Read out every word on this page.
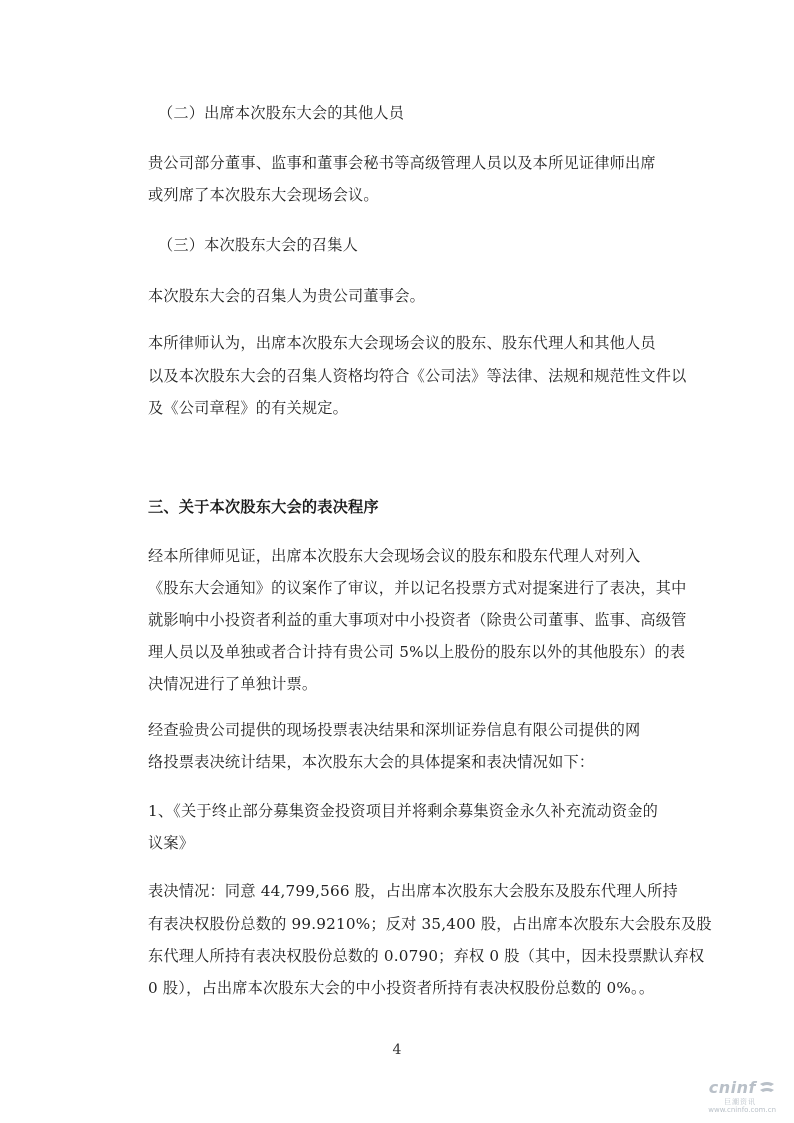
（二）出席本次股东大会的其他人员

贵公司部分董事、监事和董事会秘书等高级管理人员以及本所见证律师出席

或列席了本次股东大会现场会议。

（三）本次股东大会的召集人

本次股东大会的召集人为贵公司董事会。

本所律师认为，出席本次股东大会现场会议的股东、股东代理人和其他人员

以及本次股东大会的召集人资格均符合《公司法》等法律、法规和规范性文件以

及《公司章程》的有关规定。

三、关于本次股东大会的表决程序

经本所律师见证，出席本次股东大会现场会议的股东和股东代理人对列入

《股东大会通知》的议案作了审议，并以记名投票方式对提案进行了表决，其中

就影响中小投资者利益的重大事项对中小投资者（除贵公司董事、监事、高级管

理人员以及单独或者合计持有贵公司 5%以上股份的股东以外的其他股东）的表

决情况进行了单独计票。

经查验贵公司提供的现场投票表决结果和深圳证券信息有限公司提供的网

络投票表决统计结果，本次股东大会的具体提案和表决情况如下：

1、《关于终止部分募集资金投资项目并将剩余募集资金永久补充流动资金的

议案》

表决情况：同意 44,799,566 股，占出席本次股东大会股东及股东代理人所持

有表决权股份总数的 99.9210%；反对 35,400 股，占出席本次股东大会股东及股

东代理人所持有表决权股份总数的 0.0790；弃权 0 股（其中，因未投票默认弃权

0 股），占出席本次股东大会的中小投资者所持有表决权股份总数的 0%。。

4
cninf
巨潮资讯
www.cninfo.com.cn
